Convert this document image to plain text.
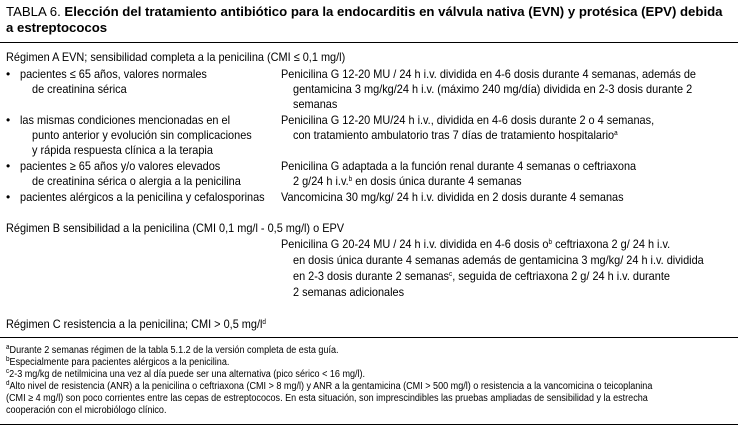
TABLA 6. Elección del tratamiento antibiótico para la endocarditis en válvula nativa (EVN) y protésica (EPV) debida a estreptococos
Régimen A EVN; sensibilidad completa a la penicilina (CMI ≤ 0,1 mg/l)
• pacientes ≤ 65 años, valores normales
de creatinina sérica
Penicilina G 12-20 MU / 24 h i.v. dividida en 4-6 dosis durante 4 semanas, además de
gentamicina 3 mg/kg/24 h i.v. (máximo 240 mg/día) dividida en 2-3 dosis durante 2
semanas
• las mismas condiciones mencionadas en el
punto anterior y evolución sin complicaciones
y rápida respuesta clínica a la terapia
Penicilina G 12-20 MU/24 h i.v., dividida en 4-6 dosis durante 2 o 4 semanas,
con tratamiento ambulatorio tras 7 días de tratamiento hospitalario$^a$
• pacientes ≥ 65 años y/o valores elevados
de creatinina sérica o alergia a la penicilina
Penicilina G adaptada a la función renal durante 4 semanas o ceftriaxona
2 g/24 h i.v.$^b$ en dosis única durante 4 semanas
• pacientes alérgicos a la penicilina y cefalosporinas Vancomicina 30 mg/kg/ 24 h i.v. dividida en 2 dosis durante 4 semanas
Régimen B sensibilidad a la penicilina (CMI 0,1 mg/l - 0,5 mg/l) o EPV
Penicilina G 20-24 MU / 24 h i.v. dividida en 4-6 dosis $o^b$ ceftriaxona 2 g/ 24 h i.v.
en dosis única durante 4 semanas además de gentamicina 3 mg/kg/ 24 h i.v. dividida
en 2-3 dosis durante 2 semanas$^c$, seguida de ceftriaxona 2 g/ 24 h i.v. durante
2 semanas adicionales
Régimen C resistencia a la penicilina; CMI > 0,5 $mg/l^d$
$^a$Durante 2 semanas régimen de la tabla 5.1.2 de la versión completa de esta guía.
$^b$Especialmente para pacientes alérgicos a la penicilina.
$^c$2-3 mg/kg de netilmicina una vez al día puede ser una alternativa (pico sérico < 16 mg/l).
$^d$Alto nivel de resistencia (ANR) a la penicilina o ceftriaxona (CMI > 8 mg/l) y ANR a la gentamicina (CMI > 500 mg/l) o resistencia a la vancomicina o teicoplanina
(CMI ≥ 4 mg/l) son poco corrientes entre las cepas de estreptococos. En esta situación, son imprescindibles las pruebas ampliadas de sensibilidad y la estrecha
cooperación con el microbiólogo clínico.
